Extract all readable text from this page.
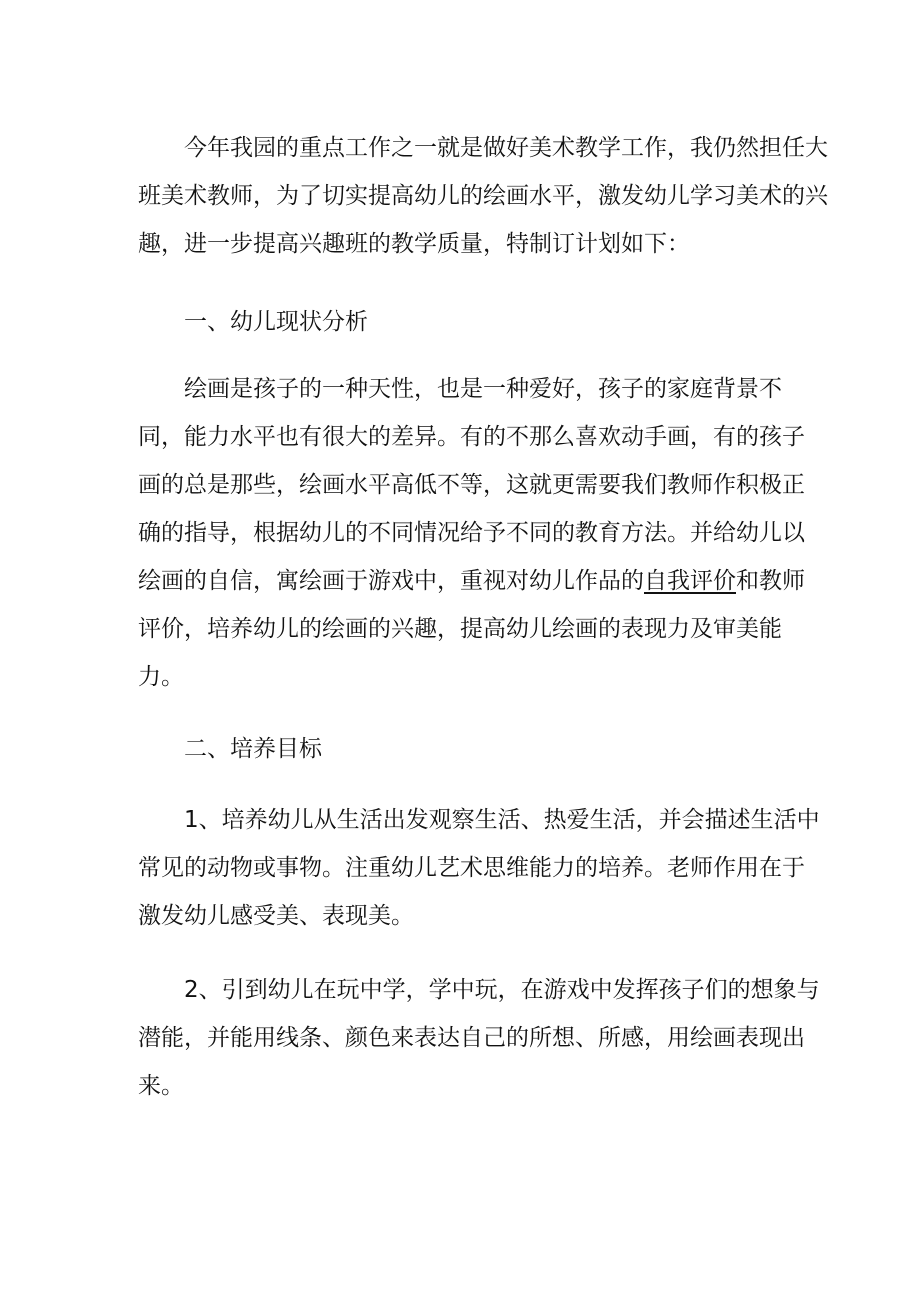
今年我园的重点工作之一就是做好美术教学工作，我仍然担任大
班美术教师，为了切实提高幼儿的绘画水平，激发幼儿学习美术的兴
趣，进一步提高兴趣班的教学质量，特制订计划如下：

一、幼儿现状分析

绘画是孩子的一种天性，也是一种爱好，孩子的家庭背景不
同，能力水平也有很大的差异。有的不那么喜欢动手画，有的孩子
画的总是那些，绘画水平高低不等，这就更需要我们教师作积极正
确的指导，根据幼儿的不同情况给予不同的教育方法。并给幼儿以
绘画的自信，寓绘画于游戏中，重视对幼儿作品的自我评价和教师
评价，培养幼儿的绘画的兴趣，提高幼儿绘画的表现力及审美能
力。

二、培养目标

1、培养幼儿从生活出发观察生活、热爱生活，并会描述生活中
常见的动物或事物。注重幼儿艺术思维能力的培养。老师作用在于
激发幼儿感受美、表现美。

2、引到幼儿在玩中学，学中玩，在游戏中发挥孩子们的想象与
潜能，并能用线条、颜色来表达自己的所想、所感，用绘画表现出
来。
